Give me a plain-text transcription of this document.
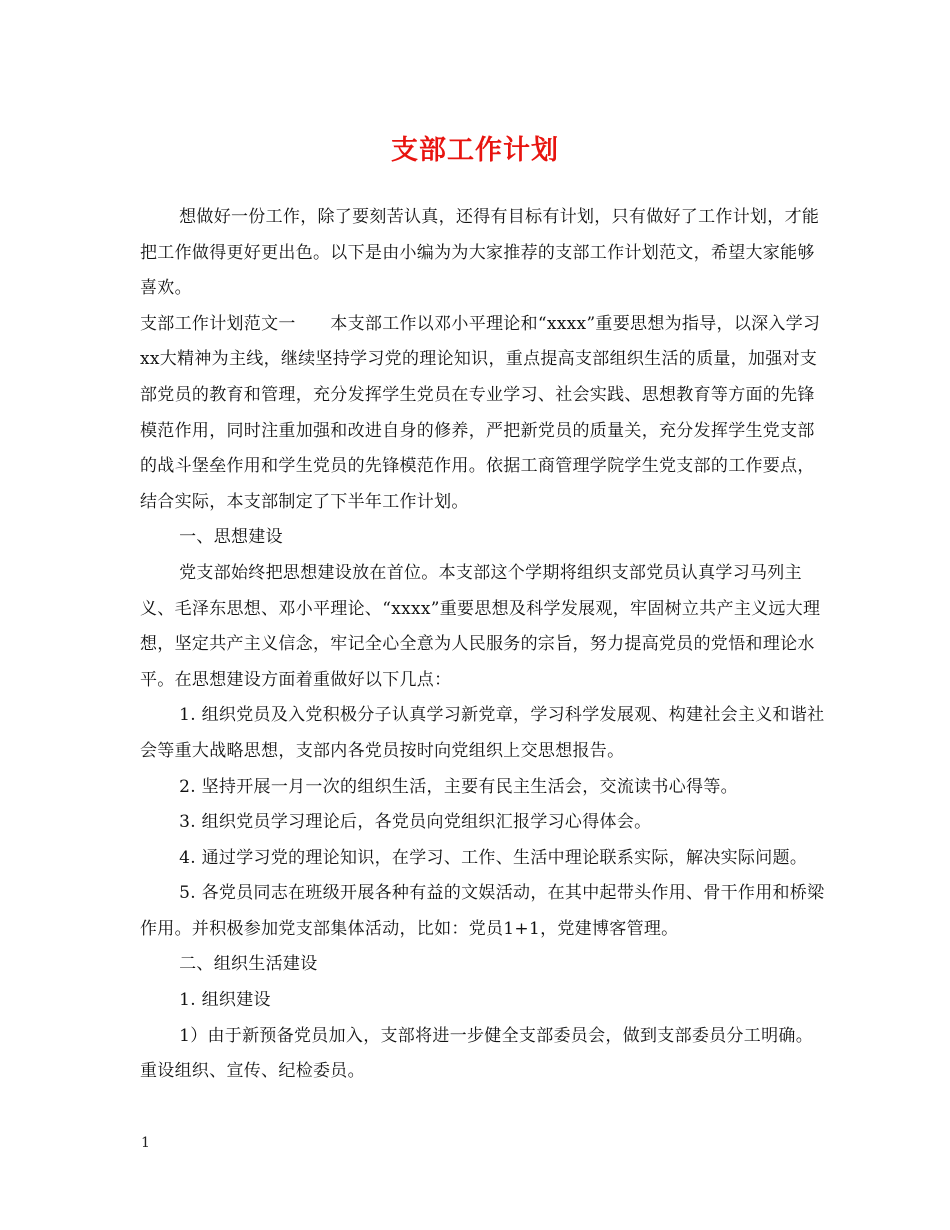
支部工作计划

想做好一份工作，除了要刻苦认真，还得有目标有计划，只有做好了工作计划，才能把工作做得更好更出色。以下是由小编为为大家推荐的支部工作计划范文，希望大家能够喜欢。

支部工作计划范文一　　本支部工作以邓小平理论和“xxxx”重要思想为指导，以深入学习xx大精神为主线，继续坚持学习党的理论知识，重点提高支部组织生活的质量，加强对支部党员的教育和管理，充分发挥学生党员在专业学习、社会实践、思想教育等方面的先锋模范作用，同时注重加强和改进自身的修养，严把新党员的质量关，充分发挥学生党支部的战斗堡垒作用和学生党员的先锋模范作用。依据工商管理学院学生党支部的工作要点，结合实际，本支部制定了下半年工作计划。

一、思想建设

党支部始终把思想建设放在首位。本支部这个学期将组织支部党员认真学习马列主义、毛泽东思想、邓小平理论、“xxxx”重要思想及科学发展观，牢固树立共产主义远大理想，坚定共产主义信念，牢记全心全意为人民服务的宗旨，努力提高党员的党悟和理论水平。在思想建设方面着重做好以下几点：

1. 组织党员及入党积极分子认真学习新党章，学习科学发展观、构建社会主义和谐社会等重大战略思想，支部内各党员按时向党组织上交思想报告。

2. 坚持开展一月一次的组织生活，主要有民主生活会，交流读书心得等。

3. 组织党员学习理论后，各党员向党组织汇报学习心得体会。

4. 通过学习党的理论知识，在学习、工作、生活中理论联系实际，解决实际问题。

5. 各党员同志在班级开展各种有益的文娱活动，在其中起带头作用、骨干作用和桥梁作用。并积极参加党支部集体活动，比如：党员1+1，党建博客管理。

二、组织生活建设

1. 组织建设

1）由于新预备党员加入，支部将进一步健全支部委员会，做到支部委员分工明确。重设组织、宣传、纪检委员。

1
